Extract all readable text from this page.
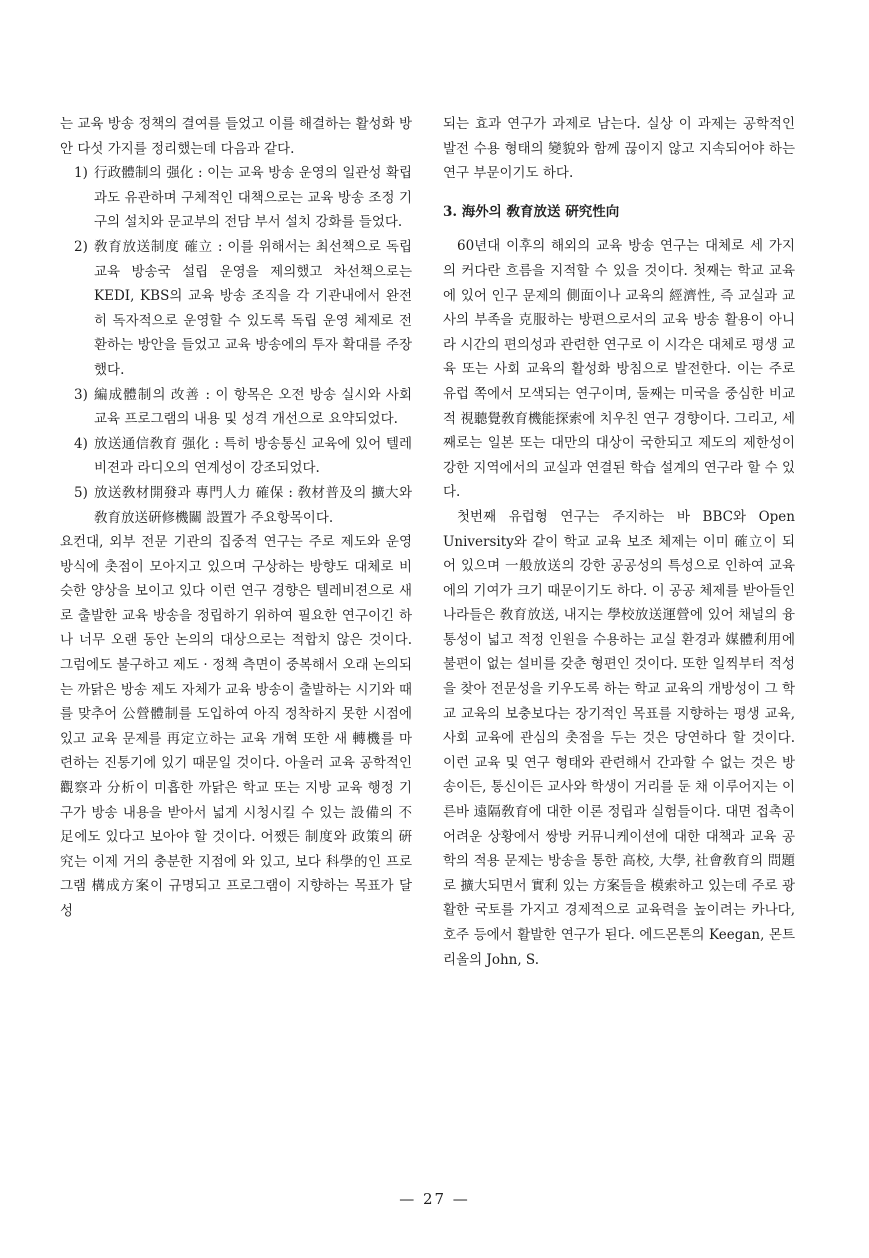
는 교육 방송 정책의 결여를 들었고 이를 해결하는 활성화 방안 다섯 가지를 정리했는데 다음과 같다.

1) 行政體制의 强化 : 이는 교육 방송 운영의 일관성 확립과도 유관하며 구체적인 대책으로는 교육 방송 조정 기구의 설치와 문교부의 전담 부서 설치 강화를 들었다.
2) 敎育放送制度 確立 : 이를 위해서는 최선책으로 독립 교육 방송국 설립 운영을 제의했고 차선책으로는 KEDI, KBS의 교육 방송 조직을 각 기관내에서 완전히 독자적으로 운영할 수 있도록 독립 운영 체제로 전환하는 방안을 들었고 교육 방송에의 투자 확대를 주장했다.
3) 編成體制의 改善 : 이 항목은 오전 방송 실시와 사회 교육 프로그램의 내용 및 성격 개선으로 요약되었다.
4) 放送通信敎育 强化 : 특히 방송통신 교육에 있어 텔레비젼과 라디오의 연계성이 강조되었다.
5) 放送敎材開發과 專門人力 確保 : 敎材普及의 擴大와 敎育放送硏修機關 設置가 주요항목이다.

요컨대, 외부 전문 기관의 집중적 연구는 주로 제도와 운영 방식에 촛점이 모아지고 있으며 구상하는 방향도 대체로 비슷한 양상을 보이고 있다 이런 연구 경향은 텔레비젼으로 새로 출발한 교육 방송을 정립하기 위하여 필요한 연구이긴 하나 너무 오랜 동안 논의의 대상으로는 적합치 않은 것이다. 그럼에도 불구하고 제도 · 정책 측면이 중복해서 오래 논의되는 까닭은 방송 제도 자체가 교육 방송이 출발하는 시기와 때를 맞추어 公營體制를 도입하여 아직 정착하지 못한 시점에 있고 교육 문제를 再定立하는 교육 개혁 또한 새 轉機를 마련하는 진통기에 있기 때문일 것이다. 아울러 교육 공학적인 觀察과 分析이 미흡한 까닭은 학교 또는 지방 교육 행정 기구가 방송 내용을 받아서 넓게 시청시킬 수 있는 設備의 不足에도 있다고 보아야 할 것이다. 어쨌든 制度와 政策의 硏究는 이제 거의 충분한 지점에 와 있고, 보다 科學的인 프로그램 構成方案이 규명되고 프로그램이 지향하는 목표가 달성

되는 효과 연구가 과제로 남는다. 실상 이 과제는 공학적인 발전 수용 형태의 變貌와 함께 끊이지 않고 지속되어야 하는 연구 부문이기도 하다.

3. 海外의 敎育放送 硏究性向

60년대 이후의 해외의 교육 방송 연구는 대체로 세 가지의 커다란 흐름을 지적할 수 있을 것이다. 첫째는 학교 교육에 있어 인구 문제의 側面이나 교육의 經濟性, 즉 교실과 교사의 부족을 克服하는 방편으로서의 교육 방송 활용이 아니라 시간의 편의성과 관련한 연구로 이 시각은 대체로 평생 교육 또는 사회 교육의 활성화 방침으로 발전한다. 이는 주로 유럽 쪽에서 모색되는 연구이며, 둘째는 미국을 중심한 비교적 視聽覺敎育機能探索에 치우친 연구 경향이다. 그리고, 세째로는 일본 또는 대만의 대상이 국한되고 제도의 제한성이 강한 지역에서의 교실과 연결된 학습 설계의 연구라 할 수 있다.

첫번째 유럽형 연구는 주지하는 바 BBC와 Open University와 같이 학교 교육 보조 체제는 이미 確立이 되어 있으며 一般放送의 강한 공공성의 특성으로 인하여 교육에의 기여가 크기 때문이기도 하다. 이 공공 체제를 받아들인 나라들은 敎育放送, 내지는 學校放送運營에 있어 채널의 융통성이 넓고 적정 인원을 수용하는 교실 환경과 媒體利用에 불편이 없는 설비를 갖춘 형편인 것이다. 또한 일찍부터 적성을 찾아 전문성을 키우도록 하는 학교 교육의 개방성이 그 학교 교육의 보충보다는 장기적인 목표를 지향하는 평생 교육, 사회 교육에 관심의 촛점을 두는 것은 당연하다 할 것이다. 이런 교육 및 연구 형태와 관련해서 간과할 수 없는 것은 방송이든, 통신이든 교사와 학생이 거리를 둔 채 이루어지는 이른바 遠隔敎育에 대한 이론 정립과 실험들이다. 대면 접촉이 어려운 상황에서 쌍방 커뮤니케이션에 대한 대책과 교육 공학의 적용 문제는 방송을 통한 高校, 大學, 社會敎育의 問題로 擴大되면서 實利 있는 方案들을 模索하고 있는데 주로 광활한 국토를 가지고 경제적으로 교육력을 높이려는 카나다, 호주 등에서 활발한 연구가 된다. 에드몬톤의 Keegan, 몬트리올의 John, S.

— 27 —
